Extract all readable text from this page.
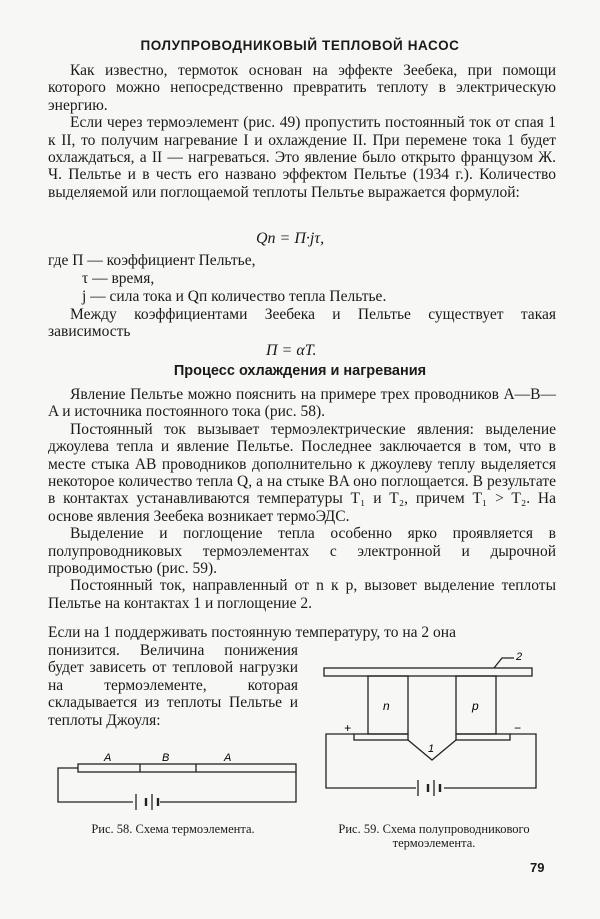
ПОЛУПРОВОДНИКОВЫЙ ТЕПЛОВОЙ НАСОС

Как известно, термоток основан на эффекте Зеебека, при помощи которого можно непосредственно превратить теплоту в электрическую энергию.

Если через термоэлемент (рис. 49) пропустить постоянный ток от спая 1 к II, то получим нагревание I и охлаждение II. При перемене тока 1 будет охлаждаться, а II — нагреваться. Это явление было открыто французом Ж. Ч. Пельтье и в честь его названо эффектом Пельтье (1934 г.). Количество выделяемой или поглощаемой теплоты Пельтье выражается формулой:

Qп = П·jτ,
где П — коэффициент Пельтье,
τ — время,
j — сила тока и Qп количество тепла Пельтье.

Между коэффициентами Зеебека и Пельтье существует такая зависимость

П = αT.
Процесс охлаждения и нагревания

Явление Пельтье можно пояснить на примере трех проводников A—B—A и источника постоянного тока (рис. 58).

Постоянный ток вызывает термоэлектрические явления: выделение джоулева тепла и явление Пельтье. Последнее заключается в том, что в месте стыка AB проводников дополнительно к джоулеву теплу выделяется некоторое количество тепла Q, а на стыке BA оно поглощается. В результате в контактах устанавливаются температуры T₁ и T₂, причем T₁ > T₂. На основе явления Зеебека возникает термоЭДС.

Выделение и поглощение тепла особенно ярко проявляется в полупроводниковых термоэлементах с электронной и дырочной проводимостью (рис. 59).

Постоянный ток, направленный от n к p, вызовет выделение теплоты Пельтье на контактах 1 и поглощение 2.

Если на 1 поддерживать постоянную температуру, то на 2 она
понизится. Величина понижения будет зависеть от тепловой нагрузки на термоэлементе, которая складывается из теплоты Пельтье и теплоты Джоуля:
A	B	A
Рис. 58. Схема термоэлемента.
2
n	p
+	−
1
Рис. 59. Схема полупроводникового термоэлемента.
79
